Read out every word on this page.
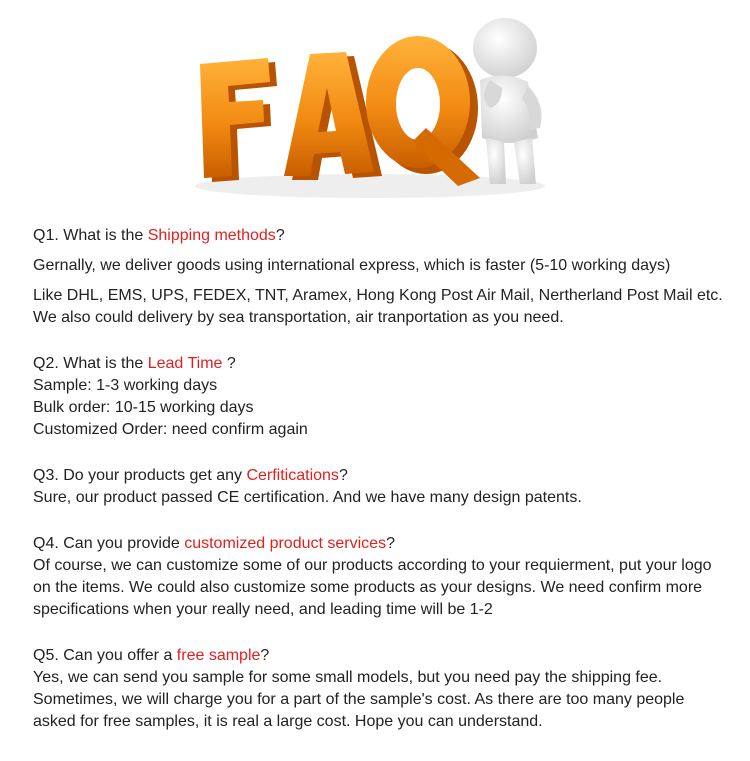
Q1. What is the Shipping methods?

Gernally, we deliver goods using international express, which is faster (5-10 working days)

Like DHL, EMS, UPS, FEDEX, TNT, Aramex, Hong Kong Post Air Mail, Nertherland Post Mail etc. We also could delivery by sea transportation, air tranportation as you need.

Q2. What is the Lead Time ?

Sample: 1-3 working days

Bulk order: 10-15 working days

Customized Order: need confirm again

Q3. Do your products get any Cerfitications?

Sure, our product passed CE certification. And we have many design patents.

Q4. Can you provide customized product services?

Of course, we can customize some of our products according to your requierment, put your logo on the items. We could also customize some products as your designs. We need confirm more specifications when your really need, and leading time will be 1-2

Q5. Can you offer a free sample?

Yes, we can send you sample for some small models, but you need pay the shipping fee. Sometimes, we will charge you for a part of the sample's cost. As there are too many people asked for free samples, it is real a large cost. Hope you can understand.
